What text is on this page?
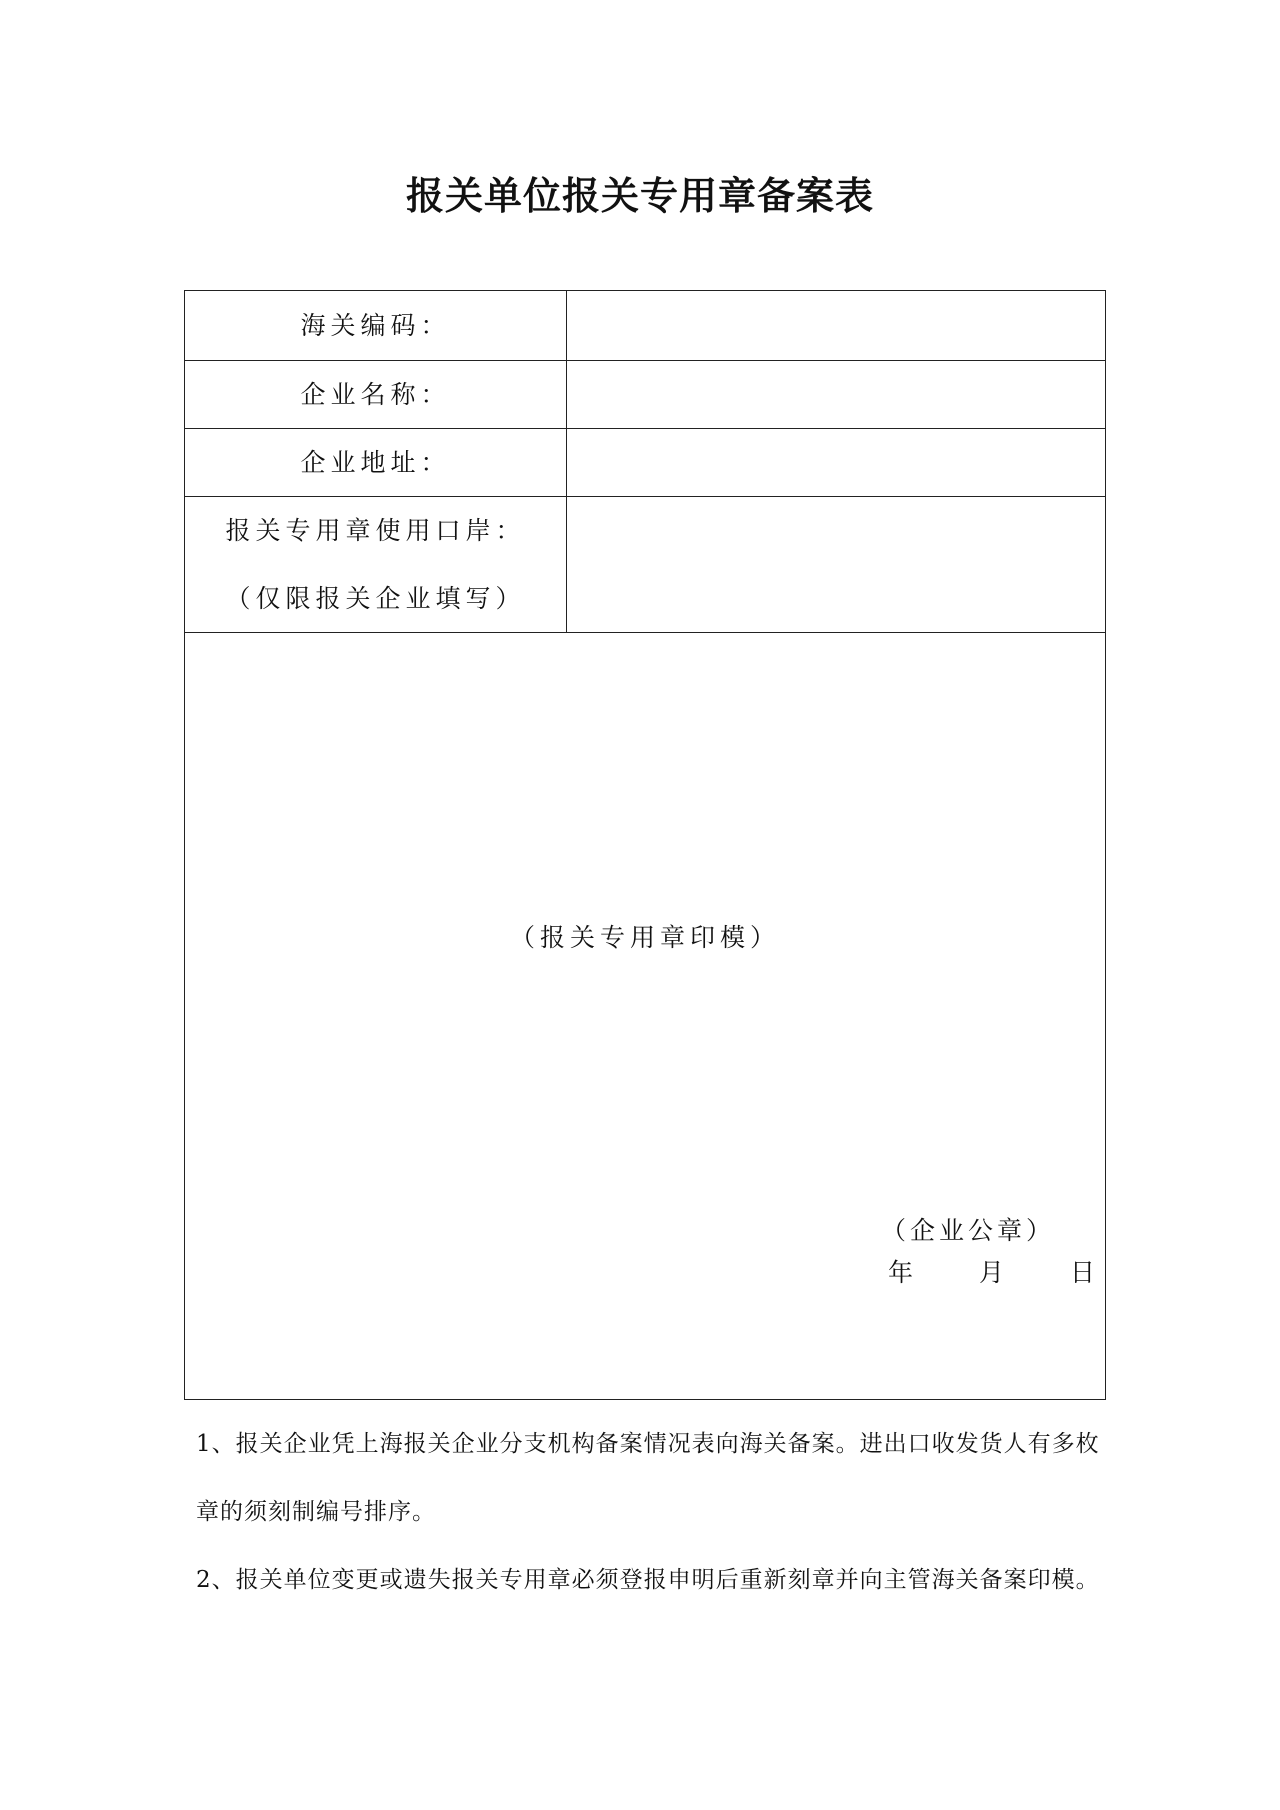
报关单位报关专用章备案表
海关编码：
企业名称：
企业地址：
报关专用章使用口岸：
（仅限报关企业填写）
（报关专用章印模）
（企业公章）
年	月	日

1、报关企业凭上海报关企业分支机构备案情况表向海关备案。进出口收发货人有多枚章的须刻制编号排序。

2、报关单位变更或遗失报关专用章必须登报申明后重新刻章并向主管海关备案印模。
